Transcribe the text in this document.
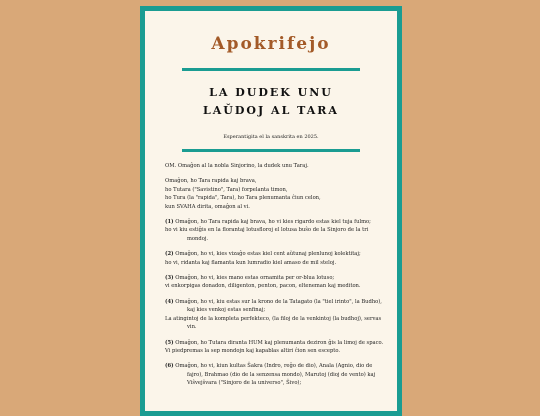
Apokrifejo
LA DUDEK UNU
LAŬDOJ AL TARA
Esperantigita el la sanskrita en 2025.

OM. Omaĝon al la nobla Sinjorino, la dudek unu Taraj.

Omaĝon, ho Tara rapida kaj brava,
ho Tutara ("Savistino", Tara) forpelanta timon,
ho Tura (la "rapida", Tara), ho Tara plenumanta ĉiun celon,
kun SVAHA dirita, omaĝon al vi.

(1) Omaĝon, ho Tara rapida kaj brava, ho vi kies rigardo estas kiel tuja fulmo;
ho vi kiu estiĝis en la florantaj lotusfloroj el lotusa buŝo de la Sinjoro de la tri
mondoj.

(2) Omaĝon, ho vi, kies vizaĝo estas kiel cent aŭtunaj plenlunoj kolektitaj;
ho vi, ridanta kaj flamanta kun lumradio kiel amaso de mil steloj.

(3) Omaĝon, ho vi, kies mano estas ornamita per or-blua lotuso;
vi enkorpigas donadon, diligenton, penton, pacon, elteneman kaj mediton.

(4) Omaĝon, ho vi, kiu estas sur la krono de la Tatagato (la "tiel irinto", la Budho),
kaj kies venkoj estas senfinaj;
La atingintoj de la kompleta perfekteco, (la filoj de la venkintoj (la budhoj), servas
vin.

(5) Omaĝon, ho Tutara diranta HUM kaj plenumanta deziron ĝis la limoj de spaco.
Vi piedpremas la sep mondojn kaj kapablas altiri ĉion sen escepto.

(6) Omaĝon, ho vi, kiun kultas Ŝakra (Indro, reĝo de dio), Anala (Agnio, dio de
fajro), Brahmao (dio de la senzensa mondo), Marutoj (dioj de vento) kaj
Viŝvejŝvara ("Sinjoro de la universo", Ŝivo);
